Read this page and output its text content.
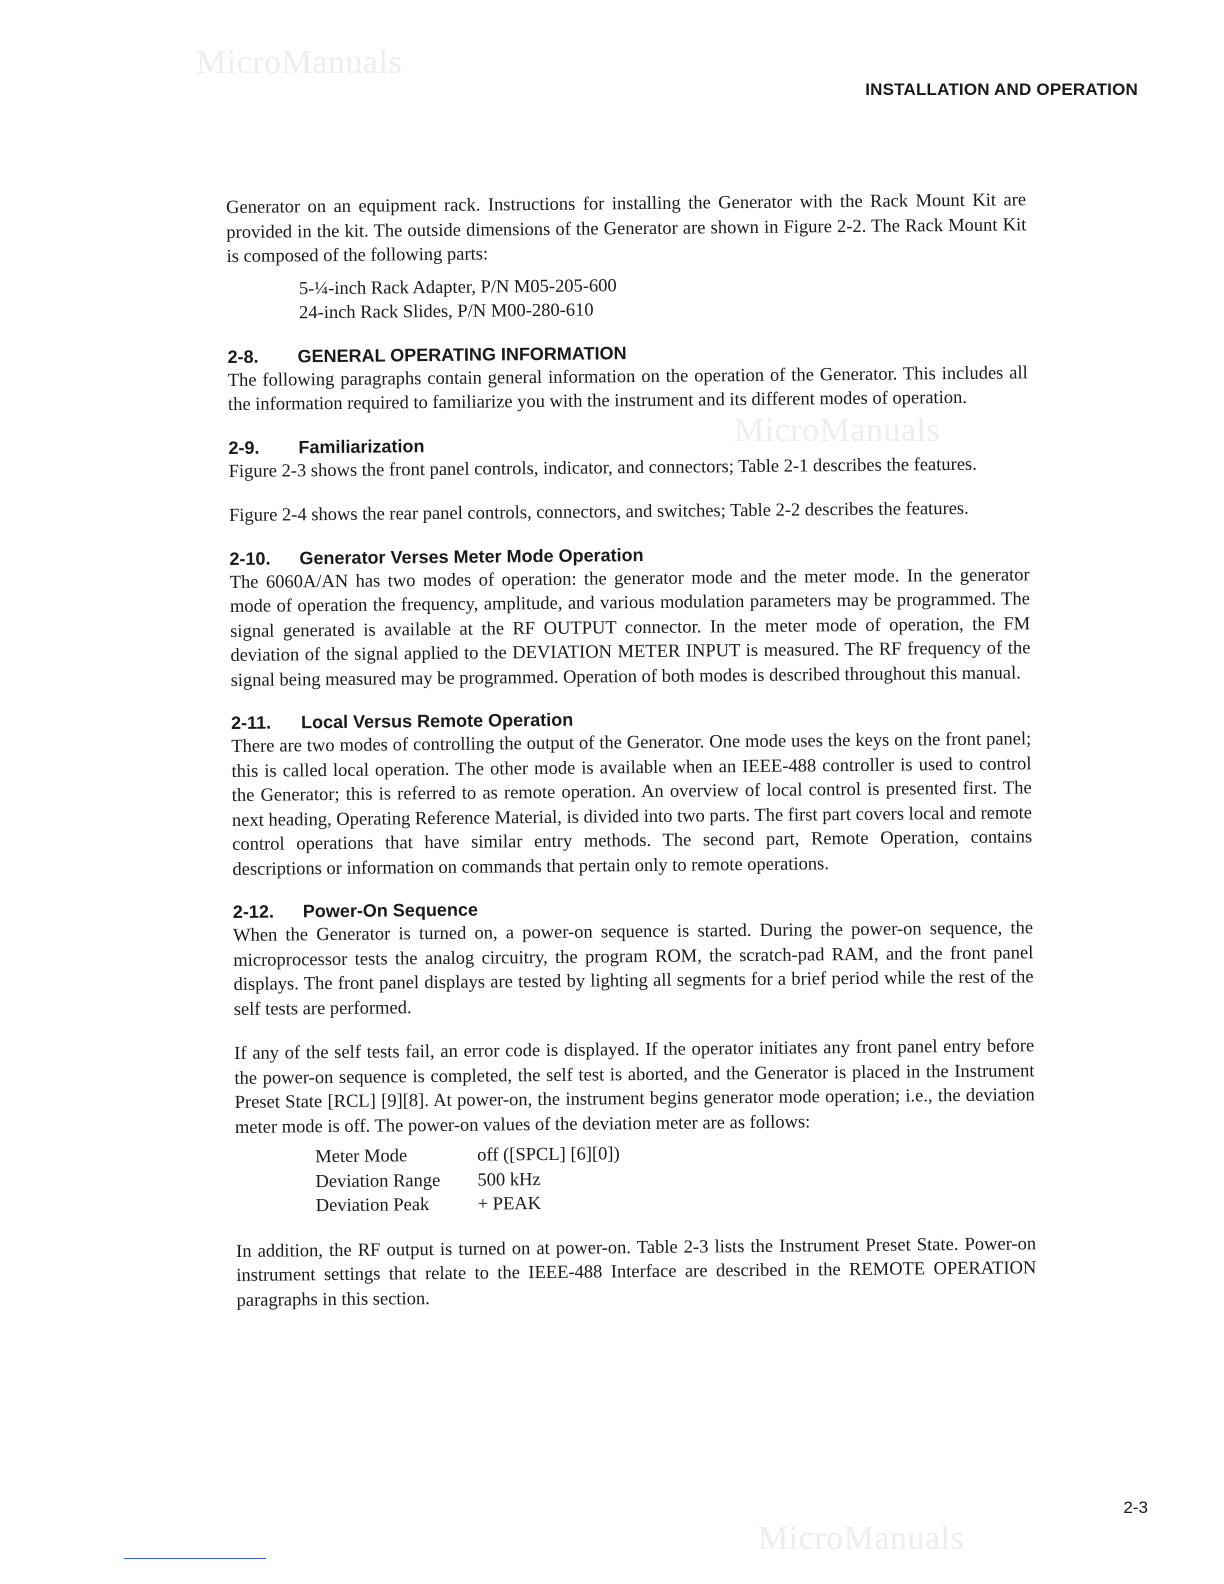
MicroManuals
MicroManuals
MicroManuals
INSTALLATION AND OPERATION

Generator on an equipment rack. Instructions for installing the Generator with the Rack Mount Kit are provided in the kit. The outside dimensions of the Generator are shown in Figure 2-2. The Rack Mount Kit is composed of the following parts:

5-¼-inch Rack Adapter, P/N M05-205-600
24-inch Rack Slides, P/N M00-280-610
2-8. GENERAL OPERATING INFORMATION

The following paragraphs contain general information on the operation of the Generator. This includes all the information required to familiarize you with the instrument and its different modes of operation.

2-9. Familiarization

Figure 2-3 shows the front panel controls, indicator, and connectors; Table 2-1 describes the features.

Figure 2-4 shows the rear panel controls, connectors, and switches; Table 2-2 describes the features.

2-10. Generator Verses Meter Mode Operation

The 6060A/AN has two modes of operation: the generator mode and the meter mode. In the generator mode of operation the frequency, amplitude, and various modulation parameters may be programmed. The signal generated is available at the RF OUTPUT connector. In the meter mode of operation, the FM deviation of the signal applied to the DEVIATION METER INPUT is measured. The RF frequency of the signal being measured may be programmed. Operation of both modes is described throughout this manual.

2-11. Local Versus Remote Operation

There are two modes of controlling the output of the Generator. One mode uses the keys on the front panel; this is called local operation. The other mode is available when an IEEE-488 controller is used to control the Generator; this is referred to as remote operation. An overview of local control is presented first. The next heading, Operating Reference Material, is divided into two parts. The first part covers local and remote control operations that have similar entry methods. The second part, Remote Operation, contains descriptions or information on commands that pertain only to remote operations.

2-12. Power-On Sequence

When the Generator is turned on, a power-on sequence is started. During the power-on sequence, the microprocessor tests the analog circuitry, the program ROM, the scratch-pad RAM, and the front panel displays. The front panel displays are tested by lighting all segments for a brief period while the rest of the self tests are performed.

If any of the self tests fail, an error code is displayed. If the operator initiates any front panel entry before the power-on sequence is completed, the self test is aborted, and the Generator is placed in the Instrument Preset State [RCL] [9][8]. At power-on, the instrument begins generator mode operation; i.e., the deviation meter mode is off. The power-on values of the deviation meter are as follows:

Meter Mode	off ([SPCL] [6][0])
Deviation Range	500 kHz
Deviation Peak	+ PEAK

In addition, the RF output is turned on at power-on. Table 2-3 lists the Instrument Preset State. Power-on instrument settings that relate to the IEEE-488 Interface are described in the REMOTE OPERATION paragraphs in this section.

2-3
